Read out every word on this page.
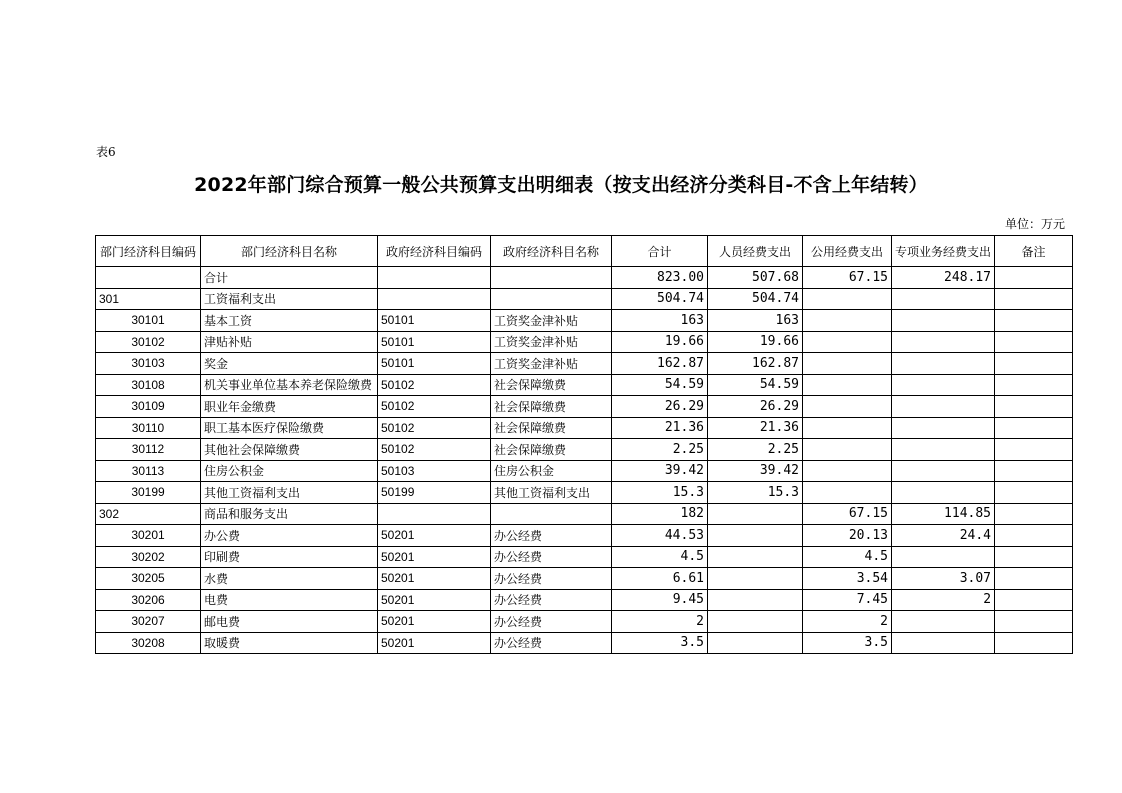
表6
2022年部门综合预算一般公共预算支出明细表（按支出经济分类科目-不含上年结转）
单位：万元
部门经济科目编码	部门经济科目名称	政府经济科目编码	政府经济科目名称	合计	人员经费支出	公用经费支出	专项业务经费支出	备注
	合计			823.00	507.68	67.15	248.17	
301	工资福利支出			504.74	504.74			
30101	基本工资	50101	工资奖金津补贴	163	163			
30102	津贴补贴	50101	工资奖金津补贴	19.66	19.66			
30103	奖金	50101	工资奖金津补贴	162.87	162.87			
30108	机关事业单位基本养老保险缴费	50102	社会保障缴费	54.59	54.59			
30109	职业年金缴费	50102	社会保障缴费	26.29	26.29			
30110	职工基本医疗保险缴费	50102	社会保障缴费	21.36	21.36			
30112	其他社会保障缴费	50102	社会保障缴费	2.25	2.25			
30113	住房公积金	50103	住房公积金	39.42	39.42			
30199	其他工资福利支出	50199	其他工资福利支出	15.3	15.3			
302	商品和服务支出			182		67.15	114.85	
30201	办公费	50201	办公经费	44.53		20.13	24.4	
30202	印刷费	50201	办公经费	4.5		4.5		
30205	水费	50201	办公经费	6.61		3.54	3.07	
30206	电费	50201	办公经费	9.45		7.45	2	
30207	邮电费	50201	办公经费	2		2		
30208	取暖费	50201	办公经费	3.5		3.5		
